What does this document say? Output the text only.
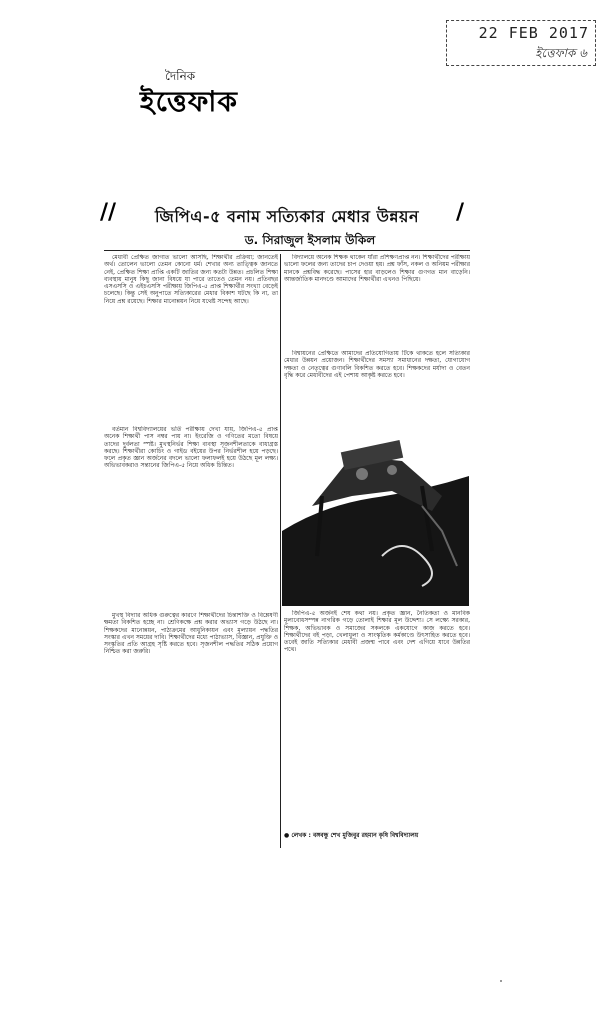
22 FEB 2017
ইত্তেফাক ৬
দৈনিক
ইত্তেফাক
//	/
জিপিএ-৫ বনাম সত্যিকার মেধার উন্নয়ন
ড. সিরাজুল ইসলাম উকিল

মেধাবী প্রেক্ষিত জাগাত ভালো আসছি, শিক্ষার্থীর প্রক্রিয়া; জানতেই অর্থ। তোলেন ভালো তেমন কোনো ধর্ম। শেখার অন্য তাত্ত্বিক জানতে নেই, প্রেক্ষিত শিক্ষা প্রাপ্তি একটি জাতির জন্য কতটা উন্নত। প্রচলিত শিক্ষা ব্যবস্থায় মানুষ কিছু জানা বিষয়ে যা পারে তাতেও তেমন নয়। প্রতিবছর এসএসসি ও এইচএসসি পরীক্ষায় জিপিএ-৫ প্রাপ্ত শিক্ষার্থীর সংখ্যা বেড়েই চলেছে। কিন্তু সেই অনুপাতে সত্যিকারের মেধার বিকাশ ঘটছে কি না, তা নিয়ে প্রশ্ন রয়েছে। শিক্ষার মানোন্নয়ন নিয়ে যথেষ্ট সন্দেহ আছে।

বর্তমান বিশ্ববিদ্যালয়ের ভর্তি পরীক্ষায় দেখা যায়, জিপিএ-৫ প্রাপ্ত অনেক শিক্ষার্থী পাস নম্বর পায় না। ইংরেজি ও গণিতের মতো বিষয়ে তাদের দুর্বলতা স্পষ্ট। মুখস্থনির্ভর শিক্ষা ব্যবস্থা সৃজনশীলতাকে বাধাগ্রস্ত করছে। শিক্ষার্থীরা কোচিং ও গাইড বইয়ের উপর নির্ভরশীল হয়ে পড়ছে। ফলে প্রকৃত জ্ঞান অর্জনের বদলে ভালো ফলাফলই হয়ে উঠছে মূল লক্ষ্য। অভিভাবকরাও সন্তানের জিপিএ-৫ নিয়ে অধিক চিন্তিত।

মুখস্থ বিদ্যার অধিক গুরুত্বের কারণে শিক্ষার্থীদের চিন্তাশক্তি ও বিশ্লেষণী ক্ষমতা বিকশিত হচ্ছে না। শ্রেণিকক্ষে প্রশ্ন করার অভ্যাস গড়ে উঠছে না। শিক্ষকদের মানোন্নয়ন, পাঠ্যক্রমের আধুনিকায়ন এবং মূল্যায়ন পদ্ধতির সংস্কার এখন সময়ের দাবি। শিক্ষার্থীদের মধ্যে পাঠাভ্যাস, বিজ্ঞান, প্রযুক্তি ও সংস্কৃতির প্রতি আগ্রহ সৃষ্টি করতে হবে। সৃজনশীল পদ্ধতির সঠিক প্রয়োগ নিশ্চিত করা জরুরি।

বিদ্যালয়ে অনেক শিক্ষক থাকেন যাঁরা প্রশিক্ষণপ্রাপ্ত নন। শিক্ষার্থীদের পরীক্ষায় ভালো ফলের জন্য তাদের চাপ দেওয়া হয়। প্রশ্ন ফাঁস, নকল ও অনিয়ম পরীক্ষার মানকে প্রশ্নবিদ্ধ করেছে। পাসের হার বাড়লেও শিক্ষার গুণগত মান বাড়েনি। আন্তর্জাতিক মানদণ্ডে আমাদের শিক্ষার্থীরা এখনও পিছিয়ে।

বিশ্বায়নের প্রেক্ষিতে আমাদের প্রতিযোগিতায় টিকে থাকতে হলে সত্যিকার মেধার উন্নয়ন প্রয়োজন। শিক্ষার্থীদের সমস্যা সমাধানের দক্ষতা, যোগাযোগ দক্ষতা ও নেতৃত্বের গুণাবলি বিকশিত করতে হবে। শিক্ষকদের মর্যাদা ও বেতন বৃদ্ধি করে মেধাবীদের এই পেশায় আকৃষ্ট করতে হবে।

জিপিএ-৫ অর্জনই শেষ কথা নয়। প্রকৃত জ্ঞান, নৈতিকতা ও মানবিক মূল্যবোধসম্পন্ন নাগরিক গড়ে তোলাই শিক্ষার মূল উদ্দেশ্য। সে লক্ষ্যে সরকার, শিক্ষক, অভিভাবক ও সমাজের সকলকে একযোগে কাজ করতে হবে। শিক্ষার্থীদের বই পড়া, খেলাধুলা ও সাংস্কৃতিক কর্মকাণ্ডে উৎসাহিত করতে হবে। তবেই জাতি সত্যিকার মেধাবী প্রজন্ম পাবে এবং দেশ এগিয়ে যাবে উন্নতির পথে।

● লেখক : বঙ্গবন্ধু শেখ মুজিবুর রহমান কৃষি বিশ্ববিদ্যালয়
